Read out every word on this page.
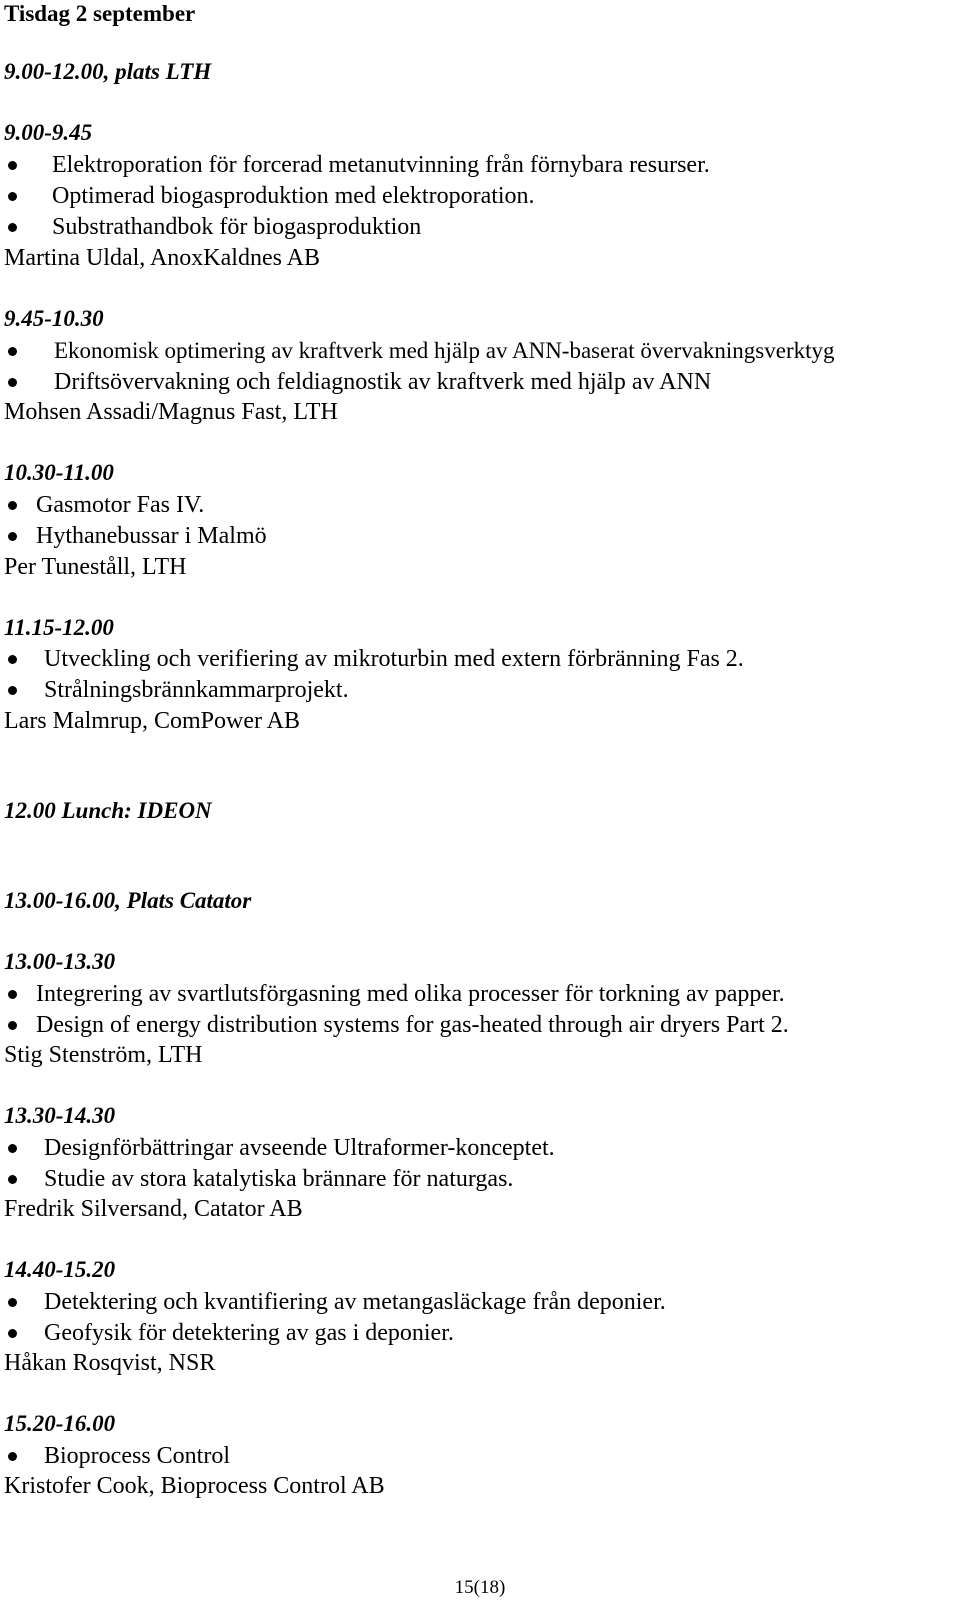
Tisdag 2 september
9.00-12.00, plats LTH
9.00-9.45
Elektroporation för forcerad metanutvinning från förnybara resurser.
Optimerad biogasproduktion med elektroporation.
Substrathandbok för biogasproduktion
Martina Uldal, AnoxKaldnes AB
9.45-10.30
Ekonomisk optimering av kraftverk med hjälp av ANN-baserat övervakningsverktyg
Driftsövervakning och feldiagnostik av kraftverk med hjälp av ANN
Mohsen Assadi/Magnus Fast, LTH
10.30-11.00
Gasmotor Fas IV.
Hythanebussar i Malmö
Per Tuneståll, LTH
11.15-12.00
Utveckling och verifiering av mikroturbin med extern förbränning Fas 2.
Strålningsbrännkammarprojekt.
Lars Malmrup, ComPower AB
12.00 Lunch: IDEON
13.00-16.00, Plats Catator
13.00-13.30
Integrering av svartlutsförgasning med olika processer för torkning av papper.
Design of energy distribution systems for gas-heated through air dryers Part 2.
Stig Stenström, LTH
13.30-14.30
Designförbättringar avseende Ultraformer-konceptet.
Studie av stora katalytiska brännare för naturgas.
Fredrik Silversand, Catator AB
14.40-15.20
Detektering och kvantifiering av metangasläckage från deponier.
Geofysik för detektering av gas i deponier.
Håkan Rosqvist, NSR
15.20-16.00
Bioprocess Control
Kristofer Cook, Bioprocess Control AB
15(18)
